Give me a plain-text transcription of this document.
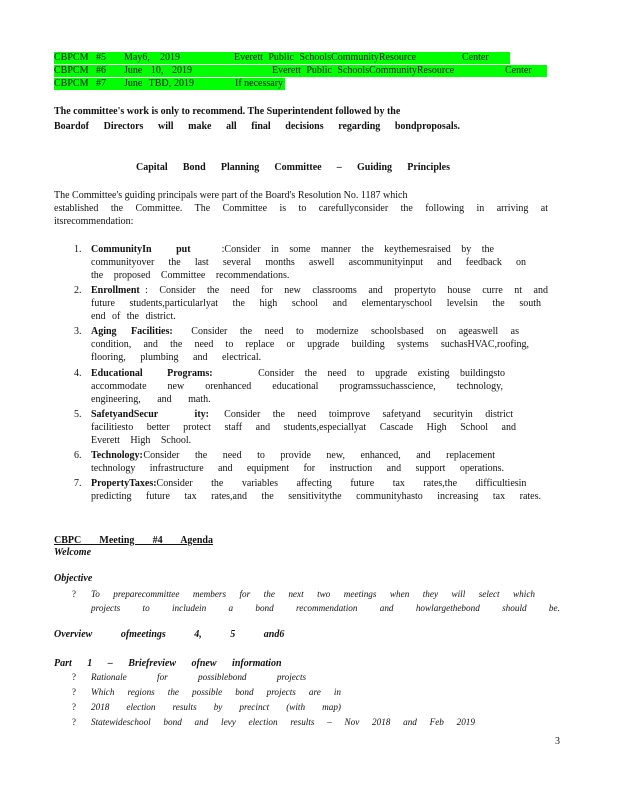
CBPCM #5 May6, 2019	Everett Public SchoolsCommunityResource	Center
CBPCM #6 June 10, 2019	Everett Public SchoolsCommunityResource	Center
CBPCM #7 June TBD, 2019	If necessary
The committee's work is only to recommend. The Superintendent followed by the
Boardof Directors will make all final decisions regarding bondproposals.
Capital Bond Planning Committee – Guiding Principles
The Committee's guiding principals were part of the Board's Resolution No. 1187 which
established the Committee. The Committee is to carefullyconsider the following in arriving at
itsrecommendation:
1. CommunityIn put	:Consider in some manner the keythemesraised by the
communityover the last several months aswell ascommunityinput and feedback on
the proposed Committee recommendations.
2. Enrollment : Consider the need for new classrooms and propertyto house curre nt and
future students,particularlyat the high school and elementaryschool levelsin the south
end of the district.
3. Aging Facilities: Consider the need to modernize schoolsbased on ageaswell as
condition, and the need to replace or upgrade building systems suchasHVAC,roofing,
flooring, plumbing and electrical.
4. Educational Programs:	Consider the need to upgrade existing buildingsto
accommodate new orenhanced educational programssuchasscience, technology,
engineering, and math.
5. SafetyandSecur ity: Consider the need toimprove safetyand securityin district
facilitiesto better protect staff and students,especiallyat Cascade High School and
Everett High School.
6. Technology: Consider the need to provide new, enhanced, and replacement
technology infrastructure and equipment for instruction and support operations.
7. PropertyTaxes: Consider the variables affecting future tax rates,the difficultiesin
predicting future tax rates,and the sensitivitythe communityhasto increasing tax rates.
CBPC Meeting #4 Agenda
Welcome
Objective
? To preparecommittee members for the next two meetings when they will select which
projects to includein a bond recommendation and howlargethebond should be.
Overview ofmeetings 4, 5 and6
Part 1 – Briefreview ofnew information
? Rationale for possiblebond projects
? Which regions the possible bond projects are in
? 2018 election results by precinct (with map)
? Statewideschool bond and levy election results – Nov 2018 and Feb 2019
3
